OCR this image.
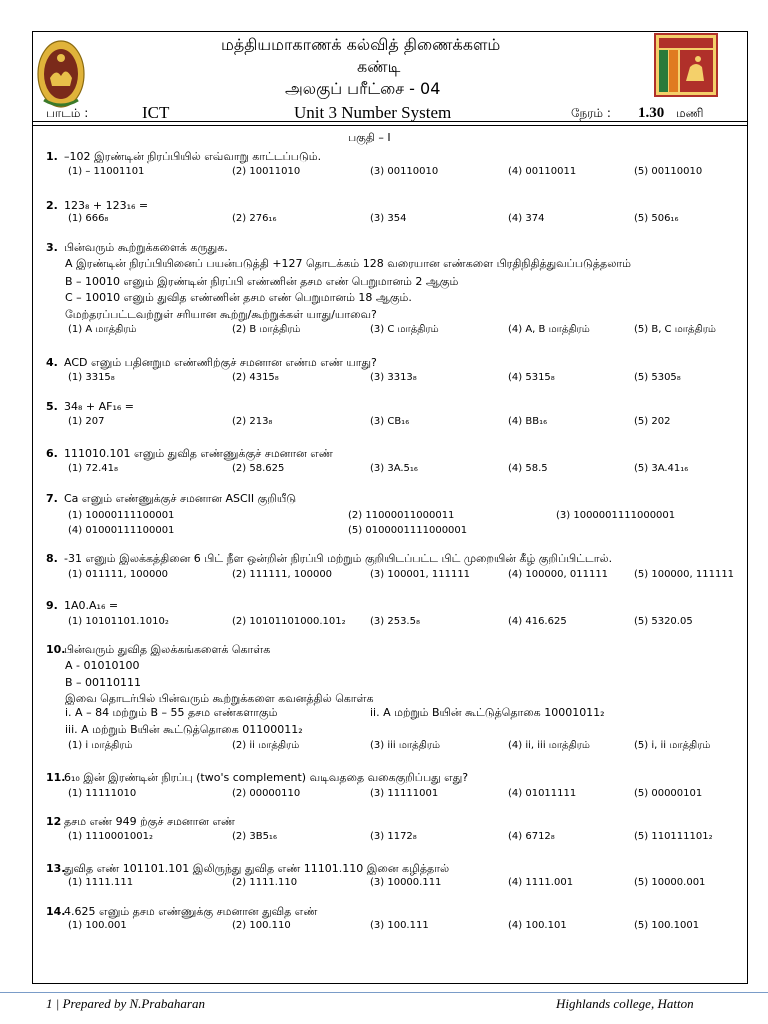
மத்தியமாகாணக் கல்வித் திணைக்களம்
கண்டி
அலகுப் பரீட்சை - 04
பாடம் :	ICT	Unit 3 Number System	நேரம் : 1.30 மணி
பகுதி – I
1. –102 இரண்டின் நிரப்பியில் எவ்வாறு காட்டப்படும்.
(1) – 11001101	(2) 10011010	(3) 00110010	(4) 00110011	(5) 00110010
2. 123₈ + 123₁₆ =
(1) 666₈	(2) 276₁₆	(3) 354	(4) 374	(5) 506₁₆
3. பின்வரும் கூற்றுக்களைக் கருதுக.
A இரண்டின் நிரப்பியினைப் பயன்படுத்தி +127 தொடக்கம் 128 வரையான எண்களை பிரதிநிதித்துவப்படுத்தலாம்
B – 10010 எனும் இரண்டின் நிரப்பி எண்ணின் தசம எண் பெறுமானம் 2 ஆகும்
C – 10010 எனும் துவித எண்ணின் தசம எண் பெறுமானம் 18 ஆகும்.
மேற்தரப்பட்டவற்றுள் சரியான கூற்று/கூற்றுக்கள் யாது/யாவை?
(1) A மாத்திரம்	(2) B மாத்திரம்	(3) C மாத்திரம்	(4) A, B மாத்திரம்	(5) B, C மாத்திரம்
4. ACD எனும் பதினறும எண்ணிற்குச் சமனான எண்ம எண் யாது?
(1) 3315₈	(2) 4315₈	(3) 3313₈	(4) 5315₈	(5) 5305₈
5. 34₈ + AF₁₆ =
(1) 207	(2) 213₈	(3) CB₁₆	(4) BB₁₆	(5) 202
6. 111010.101 எனும் துவித எண்ணுக்குச் சமனான எண்
(1) 72.41₈	(2) 58.625	(3) 3A.5₁₆	(4) 58.5	(5) 3A.41₁₆
7. Ca எனும் எண்ணுக்குச் சமனான ASCII குறியீடு
(1) 10000111100001	(2) 11000011000011	(3) 1000001111000001
(4) 01000111100001	(5) 0100001111000001
8. -31 எனும் இலக்கத்தினை 6 பிட் நீள ஒன்றின் நிரப்பி மற்றும் குறியிடப்பட்ட பிட் முறையின் கீழ் குறிப்பிட்டால்.
(1) 011111, 100000	(2) 111111, 100000	(3) 100001, 111111	(4) 100000, 011111	(5) 100000, 111111
9. 1A0.A₁₆ =
(1) 10101101.1010₂	(2) 10101101000.101₂ (3) 253.5₈	(4) 416.625	(5) 5320.05
10.
பின்வரும் துவித இலக்கங்களைக் கொள்க
A - 01010100
B – 00110111
இவை தொடர்பில் பின்வரும் கூற்றுக்களை கவனத்தில் கொள்க
i. A – 84 மற்றும் B – 55 தசம எண்களாகும்	ii. A மற்றும் Bயின் கூட்டுத்தொகை 10001011₂
iii. A மற்றும் Bயின் கூட்டுத்தொகை 01100011₂
(1) i மாத்திரம்	(2) ii மாத்திரம்	(3) iii மாத்திரம்	(4) ii, iii மாத்திரம்	(5) i, ii மாத்திரம்
11.
6₁₀ இன் இரண்டின் நிரப்பு (two's complement) வடிவததை வகைகுறிப்பது எது?
(1) 11111010	(2) 00000110	(3) 11111001	(4) 01011111	(5) 00000101
12 தசம எண் 949 ற்குச் சமனான எண்
(1) 1110001001₂	(2) 3B5₁₆	(3) 1172₈	(4) 6712₈	(5) 110111101₂
13.
துவித எண் 101101.101 இலிருந்து துவித எண் 11101.110 இனை கழித்தால்
(1) 1111.111	(2) 1111.110	(3) 10000.111	(4) 1111.001	(5) 10000.001
14.
4.625 எனும் தசம எண்ணுக்கு சமனான துவித எண்
(1) 100.001	(2) 100.110	(3) 100.111	(4) 100.101	(5) 100.1001
1 | Prepared by N.Prabaharan	Highlands college, Hatton
